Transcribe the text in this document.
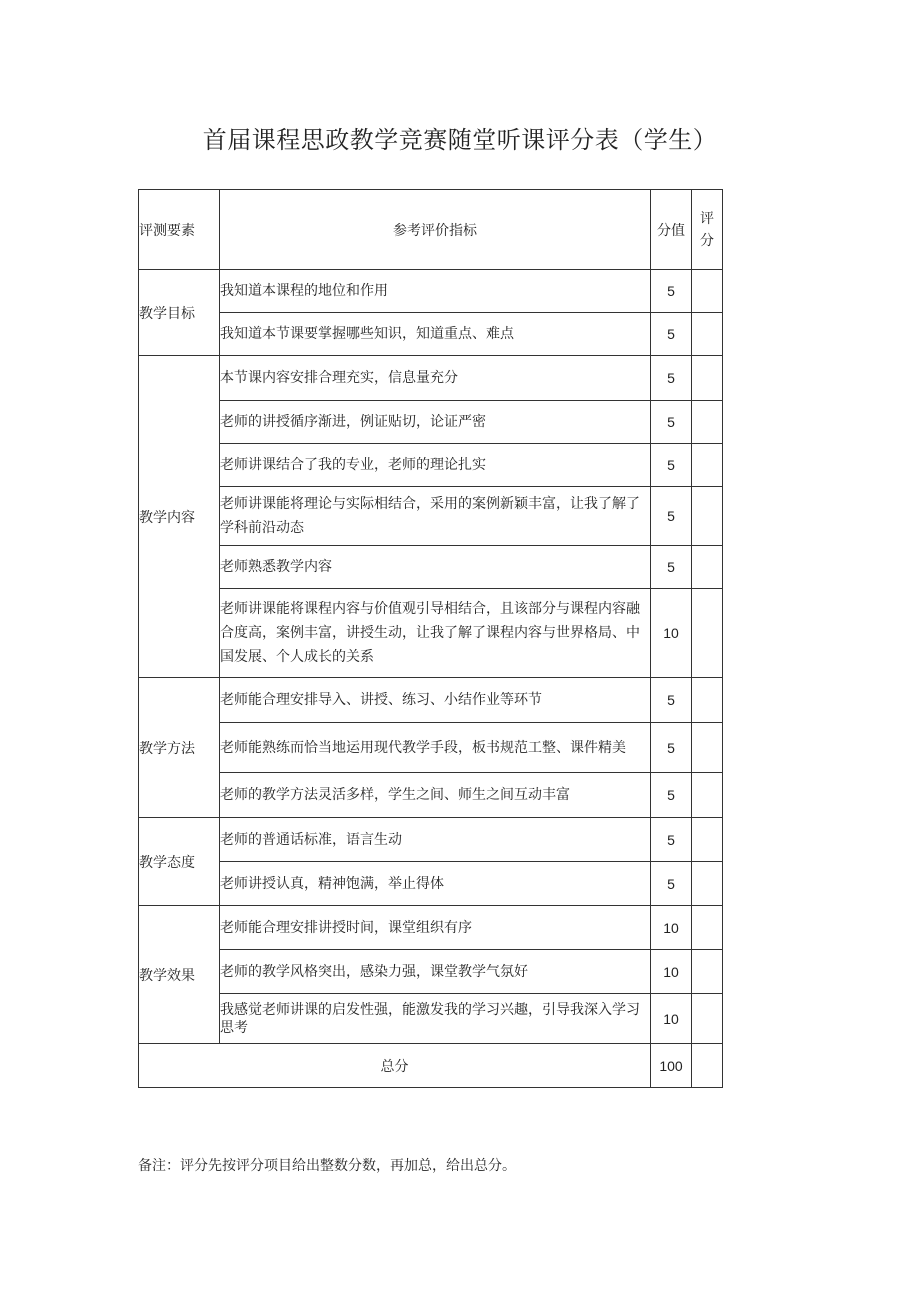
首届课程思政教学竞赛随堂听课评分表（学生）
评测要素	参考评价指标	分值	评
分
教学目标	我知道本课程的地位和作用	5	
	我知道本节课要掌握哪些知识，知道重点、难点	5	
教学内容	本节课内容安排合理充实，信息量充分	5	
	老师的讲授循序渐进，例证贴切，论证严密	5	
	老师讲课结合了我的专业，老师的理论扎实	5	
	老师讲课能将理论与实际相结合，采用的案例新颖丰富，让我了解了学科前沿动态	5	
	老师熟悉教学内容	5	
	老师讲课能将课程内容与价值观引导相结合，且该部分与课程内容融合度高，案例丰富，讲授生动，让我了解了课程内容与世界格局、中国发展、个人成长的关系	10	
教学方法	老师能合理安排导入、讲授、练习、小结作业等环节	5	
	老师能熟练而恰当地运用现代教学手段，板书规范工整、课件精美	5	
	老师的教学方法灵活多样，学生之间、师生之间互动丰富	5	
教学态度	老师的普通话标准，语言生动	5	
	老师讲授认真，精神饱满，举止得体	5	
教学效果	老师能合理安排讲授时间，课堂组织有序	10	
	老师的教学风格突出，感染力强，课堂教学气氛好	10	
	我感觉老师讲课的启发性强，能激发我的学习兴趣，引导我深入学习思考	10	
总分		100	
备注：评分先按评分项目给出整数分数，再加总，给出总分。
